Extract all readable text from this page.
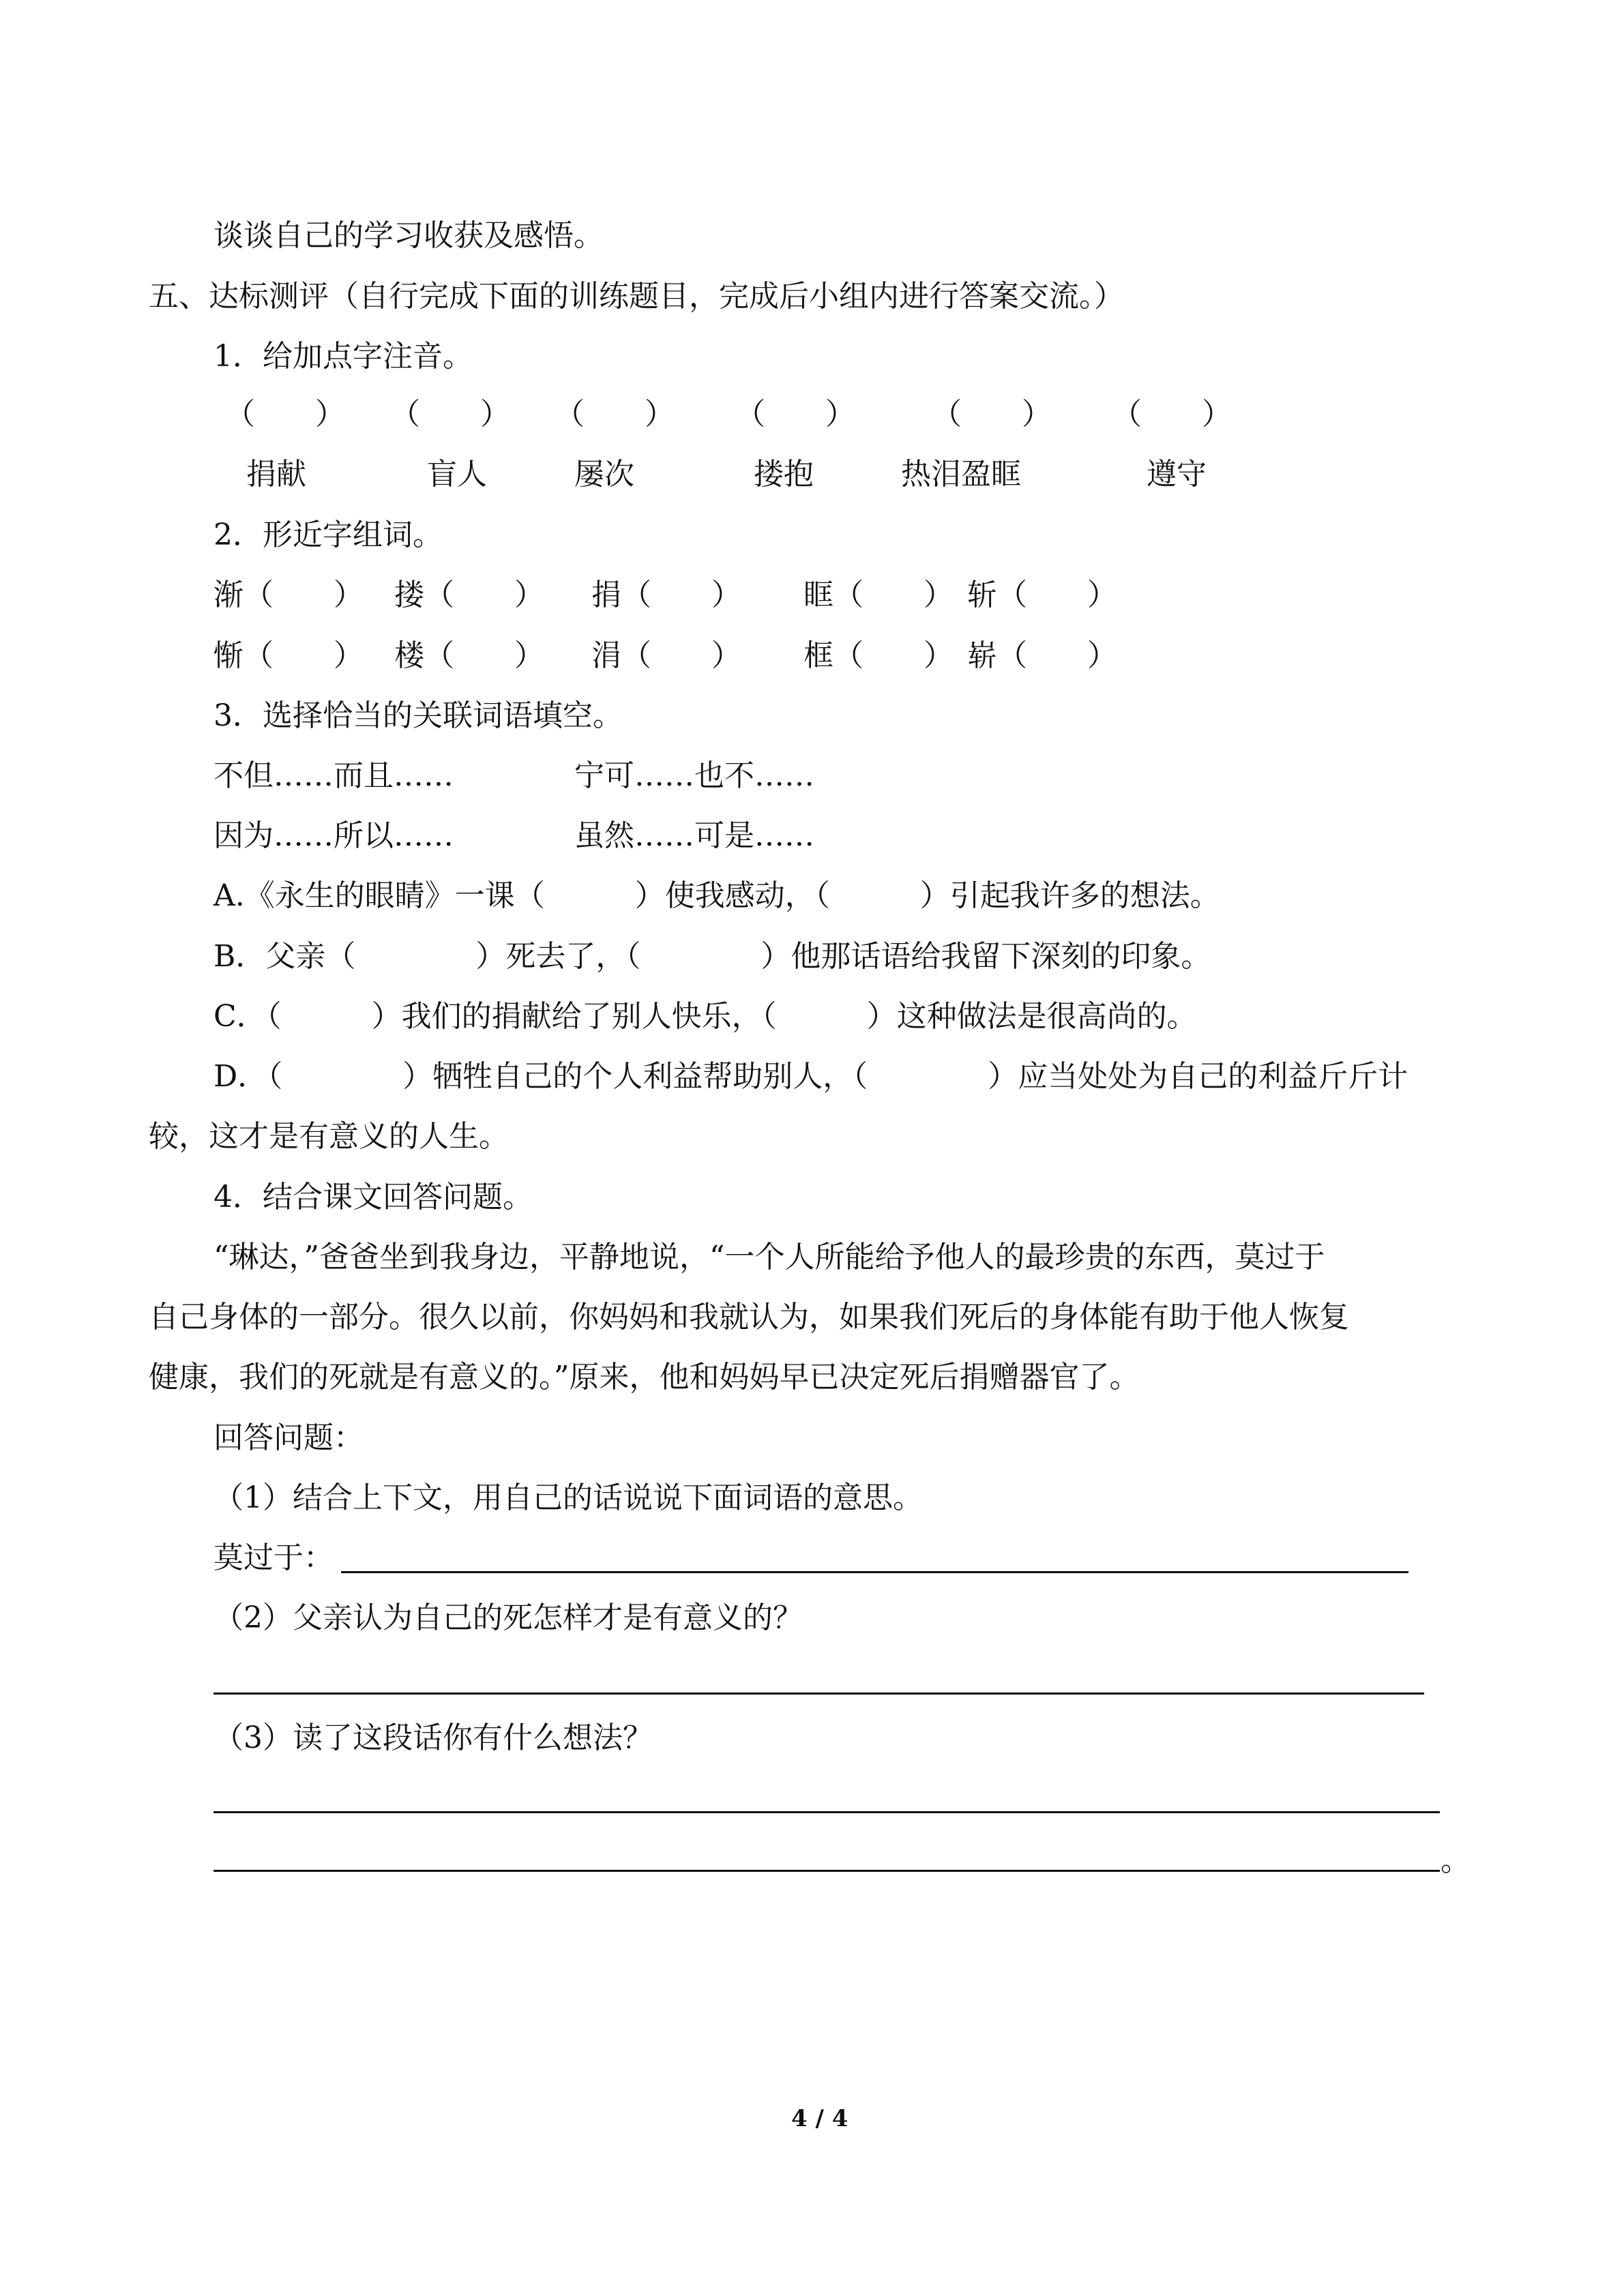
谈谈自己的学习收获及感悟。
五、达标测评（自行完成下面的训练题目，完成后小组内进行答案交流。）
1．给加点字注音。
（　　） （　　） （　　） （　　）	（　　） （　　）
捐献	盲人	屡次	搂抱	热泪盈眶	遵守
2．形近字组词。
渐（　　） 搂（　　） 捐（　　） 眶（　　） 斩（　　）
惭（　　） 楼（　　） 涓（　　） 框（　　） 崭（　　）
3．选择恰当的关联词语填空。
不但……而且……	宁可……也不……
因为……所以……	虽然……可是……
A.《永生的眼睛》一课（　　　）使我感动，（　　　）引起我许多的想法。
B．父亲（　　　　）死去了，（　　　　）他那话语给我留下深刻的印象。
C．（　　　）我们的捐献给了别人快乐，（　　　）这种做法是很高尚的。
D．（　　　　）牺牲自己的个人利益帮助别人，（　　　　）应当处处为自己的利益斤斤计
较，这才是有意义的人生。
4．结合课文回答问题。
“琳达，”爸爸坐到我身边，平静地说，“一个人所能给予他人的最珍贵的东西，莫过于
自己身体的一部分。很久以前，你妈妈和我就认为，如果我们死后的身体能有助于他人恢复
健康，我们的死就是有意义的。”原来，他和妈妈早已决定死后捐赠器官了。
回答问题：
（1）结合上下文，用自己的话说说下面词语的意思。
莫过于：
（2）父亲认为自己的死怎样才是有意义的？
（3）读了这段话你有什么想法？
。
4 / 4
